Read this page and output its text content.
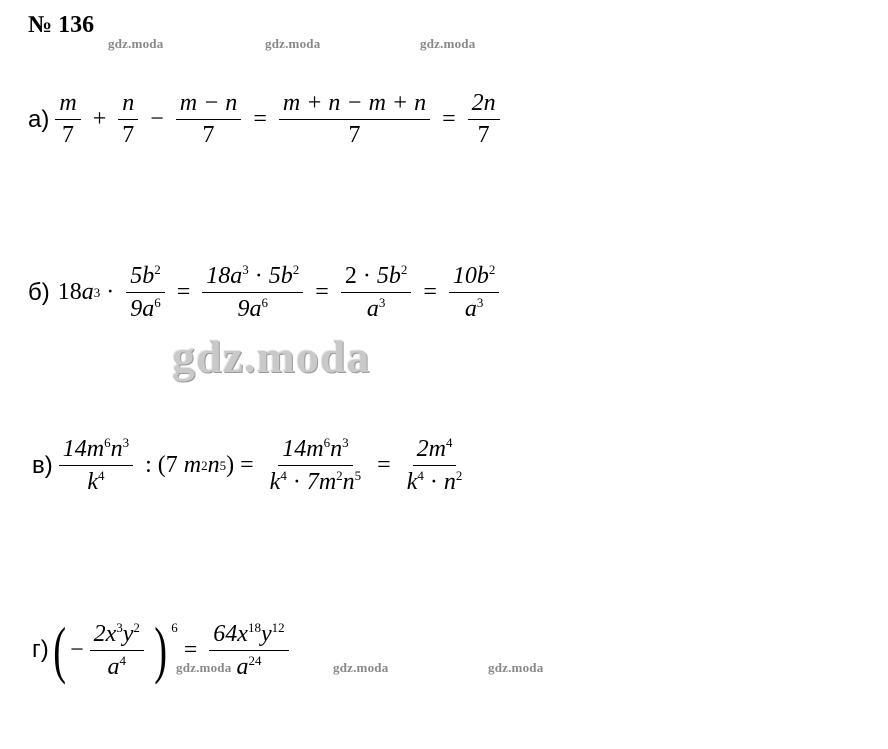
№ 136
gdz.moda	gdz.moda	gdz.moda
gdz.moda
gdz.moda	gdz.moda	gdz.moda
$а) \frac{m}{7} + \frac{n}{7} - \frac{m - n}{7} = \frac{m + n - m + n}{7} = \frac{2n}{7}$
б) 18 a $3 \cdot \frac{5b^2}{9a^6} = \frac{18a^3 \cdot 5b^2}{9a^6} = \frac{2 \cdot 5b^2}{a^3} = \frac{10b^2}{a^3}$
$в) \frac{14m^6n^3}{k^4}$ : ( 7
m 2 n 5 ) = $\frac{14m^6n^3}{k^4 \cdot 7m^2n^5} = \frac{2m^4}{k^4 \cdot n^2}$
г) ( − $\frac{2x^3y^2}{a^4}$ ) $^6$
= $\frac{64x^{18}y^{12}}{a^{24}}$
